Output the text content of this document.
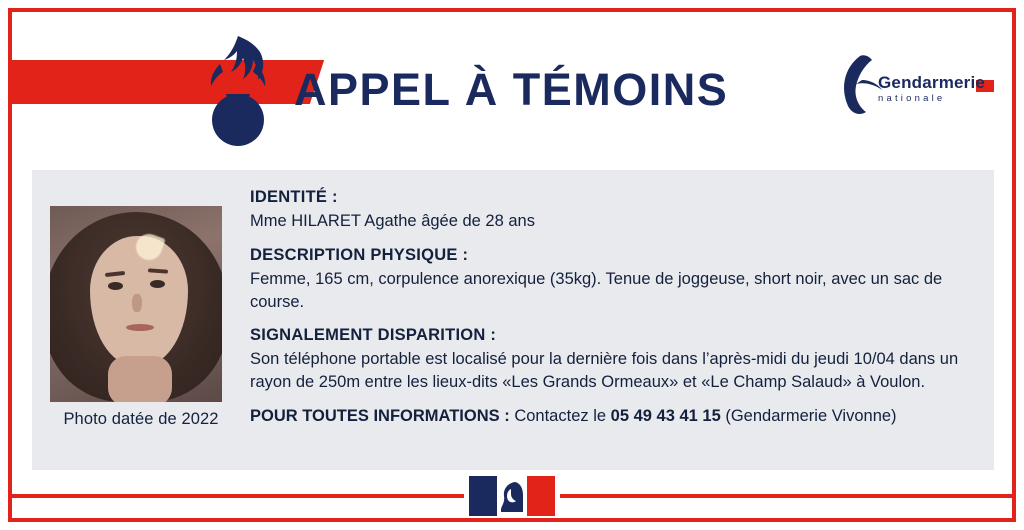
APPEL À TÉMOINS	Gendarmerie
nationale
Photo datée de 2022
IDENTITÉ :
Mme HILARET Agathe âgée de 28 ans
DESCRIPTION PHYSIQUE :
Femme, 165 cm, corpulence anorexique (35kg). Tenue de joggeuse, short noir, avec un sac de course.
SIGNALEMENT DISPARITION :
Son téléphone portable est localisé pour la dernière fois dans l’après-midi du jeudi 10/04 dans un rayon de 250m entre les lieux-dits «Les Grands Ormeaux» et «Le Champ Salaud» à Voulon.
POUR TOUTES INFORMATIONS : Contactez le 05 49 43 41 15 (Gendarmerie Vivonne)
